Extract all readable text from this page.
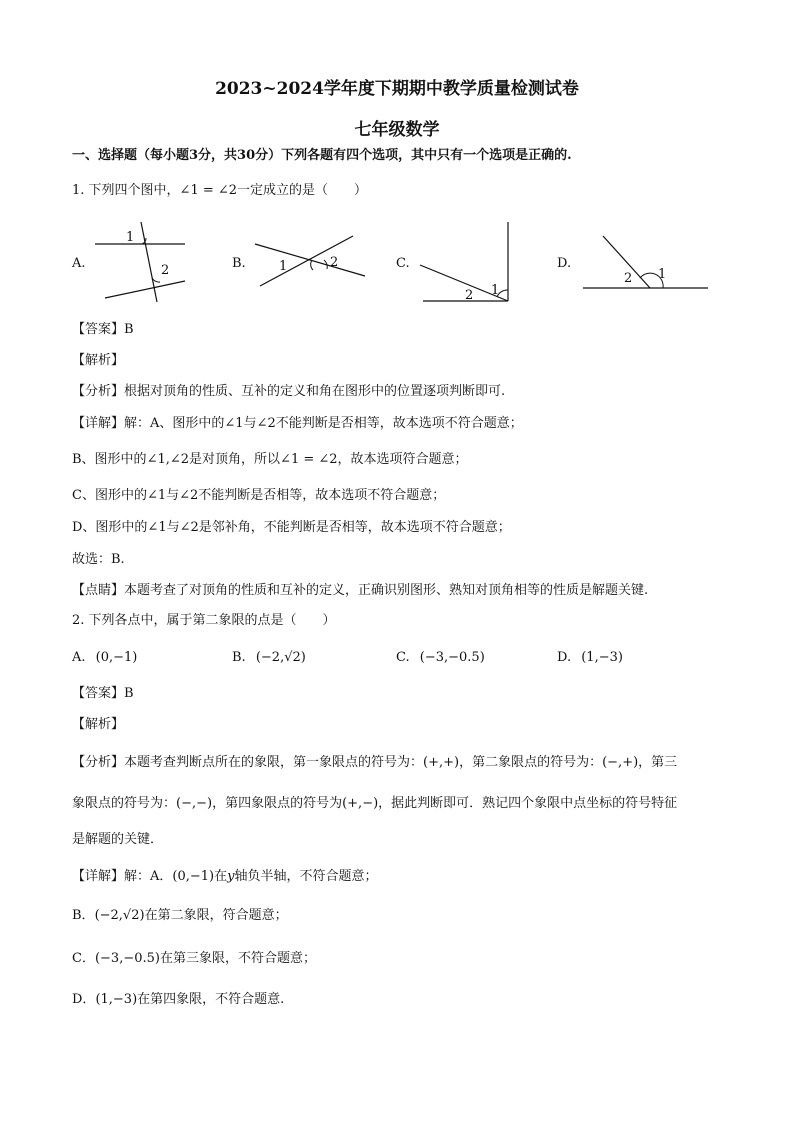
2023~2024学年度下期期中教学质量检测试卷
七年级数学
一、选择题（每小题3分，共30分）下列各题有四个选项，其中只有一个选项是正确的.
1. 下列四个图中，∠1 = ∠2一定成立的是（　　）
A.
1
2	B.	1	2	C.
1
2
D.
1
2
【答案】B
【解析】
【分析】根据对顶角的性质、互补的定义和角在图形中的位置逐项判断即可.
【详解】解：A、图形中的∠1与∠2不能判断是否相等，故本选项不符合题意；
B、图形中的∠1,∠2是对顶角，所以∠1 = ∠2，故本选项符合题意；
C、图形中的∠1与∠2不能判断是否相等，故本选项不符合题意；
D、图形中的∠1与∠2是邻补角，不能判断是否相等，故本选项不符合题意；
故选：B.
【点睛】本题考查了对顶角的性质和互补的定义，正确识别图形、熟知对顶角相等的性质是解题关键.
2. 下列各点中，属于第二象限的点是（　　）
A. (0,−1)	B. (−2,√2)	C. (−3,−0.5)	D. (1,−3)
【答案】B
【解析】
【分析】本题考查判断点所在的象限，第一象限点的符号为：(+,+)，第二象限点的符号为：(−,+)，第三
象限点的符号为：(−,−)，第四象限点的符号为(+,−)，据此判断即可．熟记四个象限中点坐标的符号特征
是解题的关键．
【详解】解：A．(0,−1)在y轴负半轴，不符合题意；
B．(−2,√2)在第二象限，符合题意；
C．(−3,−0.5)在第三象限，不符合题意；
D．(1,−3)在第四象限，不符合题意.
